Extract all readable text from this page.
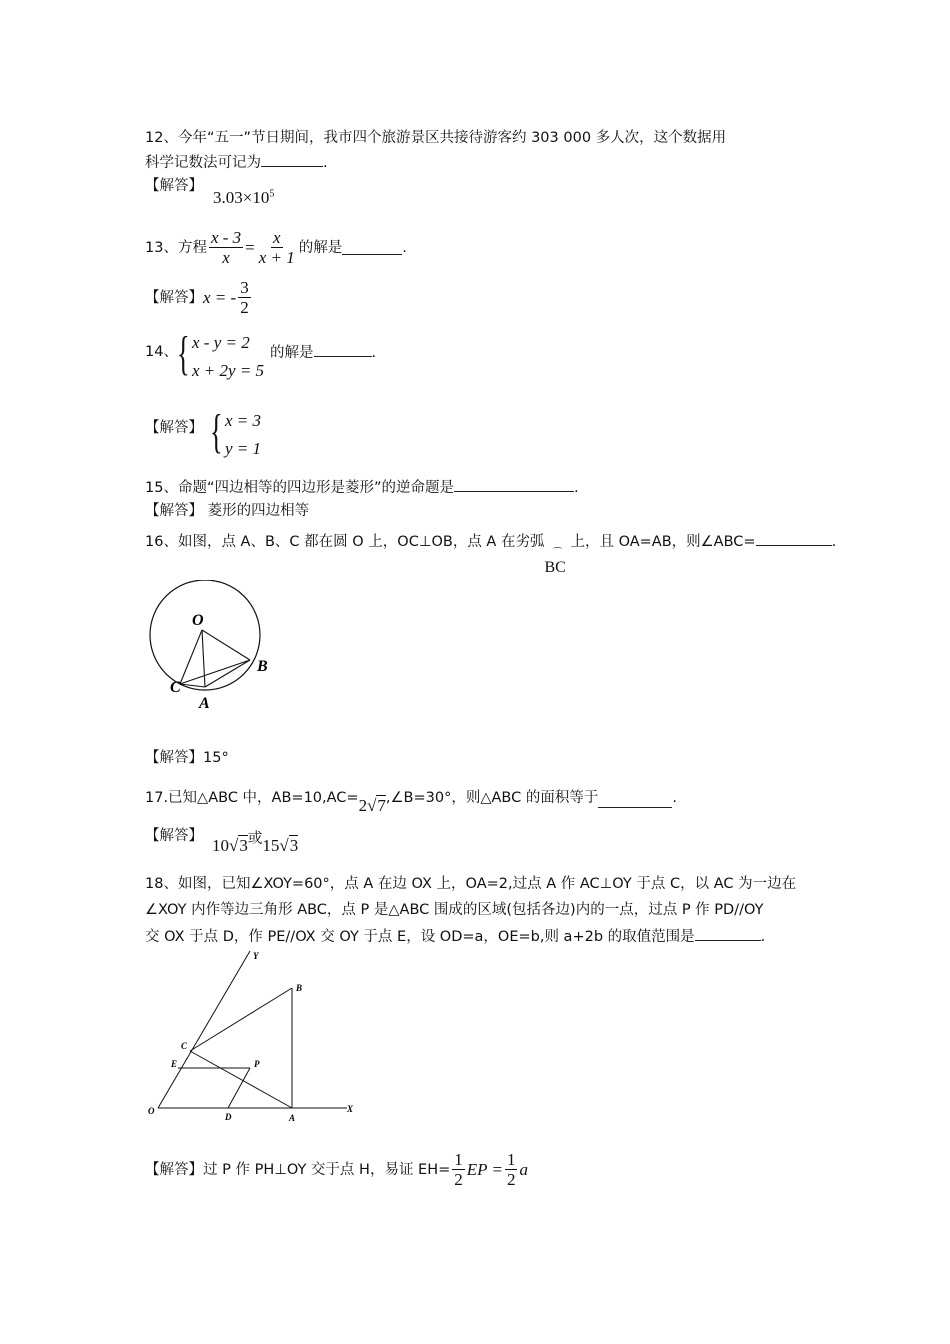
12、今年“五一”节日期间，我市四个旅游景区共接待游客约 303 000 多人次，这个数据用
科学记数法可记为	.
【解答】
$3.03\times 10^5$
13、方程 $\frac{x - 3}{x} = \frac{x}{x + 1}$ 的解是	.
【解答】 x = - $\frac{3}{2}$
14、 { x - y = 2
x + 2y = 5
的解是	.
【解答】 { x = 3
y = 1
15、命题“四边相等的四边形是菱形”的逆命题是	.
【解答】 菱形的四边相等
16、如图，点 A、B、C 都在圆 O 上，OC⊥OB，点 A 在劣弧
⌒
BC
上，且 OA=AB，则∠ABC=	.
O
B
C
A
【解答】15°
17.已知△ABC 中，AB=10,AC= 2√7 ,∠B=30°，则△ABC 的面积等于	.
【解答】 10√3或15√3
18、如图，已知∠XOY=60°，点 A 在边 OX 上，OA=2,过点 A 作 AC⊥OY 于点 C，以 AC 为一边在
∠XOY 内作等边三角形 ABC，点 P 是△ABC 围成的区域(包括各边)内的一点，过点 P 作 PD//OY
交 OX 于点 D，作 PE//OX 交 OY 于点 E，设 OD=a，OE=b,则 a+2b 的取值范围是	.
Y
B
C
E	P
O
D	A
X
【解答】 过 P 作 PH⊥OY 交于点 H，易证 $EH= \frac{1}{2}$ EP = $\frac{1}{2}$ a
